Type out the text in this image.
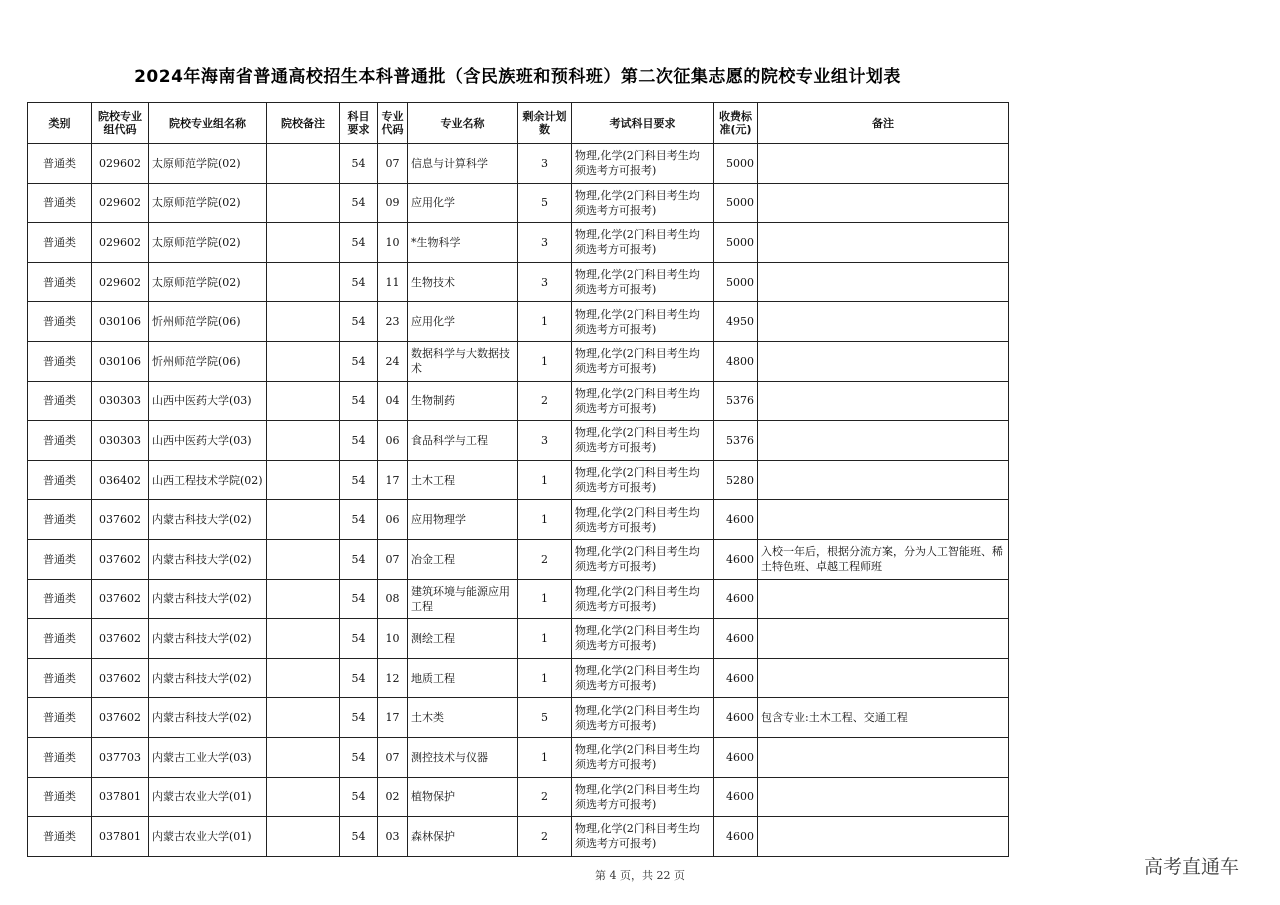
2024年海南省普通高校招生本科普通批（含民族班和预科班）第二次征集志愿的院校专业组计划表
类别	院校专业组代码	院校专业组名称	院校备注	科目要求	专业代码	专业名称	剩余计划数	考试科目要求	收费标准(元)	备注
普通类	029602	太原师范学院(02)		54	07	信息与计算科学	3	物理,化学(2门科目考生均须选考方可报考)	5000	
普通类	029602	太原师范学院(02)		54	09	应用化学	5	物理,化学(2门科目考生均须选考方可报考)	5000	
普通类	029602	太原师范学院(02)		54	10	*生物科学	3	物理,化学(2门科目考生均须选考方可报考)	5000	
普通类	029602	太原师范学院(02)		54	11	生物技术	3	物理,化学(2门科目考生均须选考方可报考)	5000	
普通类	030106	忻州师范学院(06)		54	23	应用化学	1	物理,化学(2门科目考生均须选考方可报考)	4950	
普通类	030106	忻州师范学院(06)		54	24	数据科学与大数据技术	1	物理,化学(2门科目考生均须选考方可报考)	4800	
普通类	030303	山西中医药大学(03)		54	04	生物制药	2	物理,化学(2门科目考生均须选考方可报考)	5376	
普通类	030303	山西中医药大学(03)		54	06	食品科学与工程	3	物理,化学(2门科目考生均须选考方可报考)	5376	
普通类	036402	山西工程技术学院(02)		54	17	土木工程	1	物理,化学(2门科目考生均须选考方可报考)	5280	
普通类	037602	内蒙古科技大学(02)		54	06	应用物理学	1	物理,化学(2门科目考生均须选考方可报考)	4600	
普通类	037602	内蒙古科技大学(02)		54	07	冶金工程	2	物理,化学(2门科目考生均须选考方可报考)	4600	入校一年后，根据分流方案，分为人工智能班、稀土特色班、卓越工程师班
普通类	037602	内蒙古科技大学(02)		54	08	建筑环境与能源应用工程	1	物理,化学(2门科目考生均须选考方可报考)	4600	
普通类	037602	内蒙古科技大学(02)		54	10	测绘工程	1	物理,化学(2门科目考生均须选考方可报考)	4600	
普通类	037602	内蒙古科技大学(02)		54	12	地质工程	1	物理,化学(2门科目考生均须选考方可报考)	4600	
普通类	037602	内蒙古科技大学(02)		54	17	土木类	5	物理,化学(2门科目考生均须选考方可报考)	4600	包含专业:土木工程、交通工程
普通类	037703	内蒙古工业大学(03)		54	07	测控技术与仪器	1	物理,化学(2门科目考生均须选考方可报考)	4600	
普通类	037801	内蒙古农业大学(01)		54	02	植物保护	2	物理,化学(2门科目考生均须选考方可报考)	4600	
普通类	037801	内蒙古农业大学(01)		54	03	森林保护	2	物理,化学(2门科目考生均须选考方可报考)	4600	
第 4 页，共 22 页	高考直通车
